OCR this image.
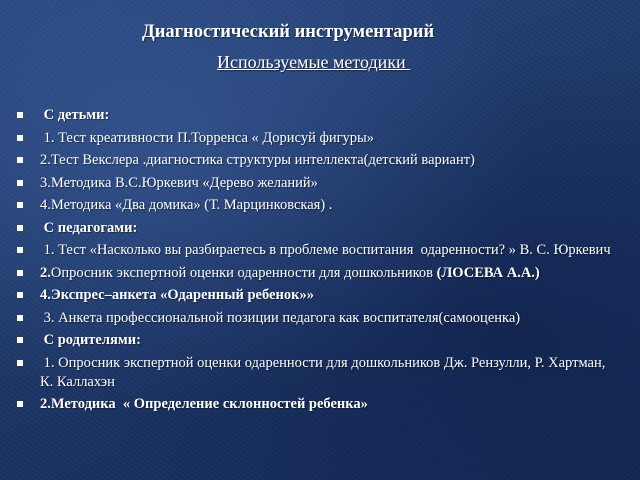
Диагностический инструментарий
Используемые методики
С детьми:
1. Тест креативности П.Торренса « Дорисуй фигуры»
2.Тест Векслера .диагностика структуры интеллекта(детский вариант)
3.Методика В.С.Юркевич «Дерево желаний»
4.Методика «Два домика» (Т. Марцинковская) .
С педагогами:
1. Тест «Насколько вы разбираетесь в проблеме воспитания  одаренности? » В. С. Юркевич
2.Опросник экспертной оценки одаренности для дошкольников (ЛОСЕВА А.А.)
4.Экспрес–анкета «Одаренный ребенок»»
3. Анкета профессиональной позиции педагога как воспитателя(самооценка)
С родителями:
1. Опросник экспертной оценки одаренности для дошкольников Дж. Рензулли, Р. Хартман, К. Каллахэн
2.Методика  « Определение склонностей ребенка»
